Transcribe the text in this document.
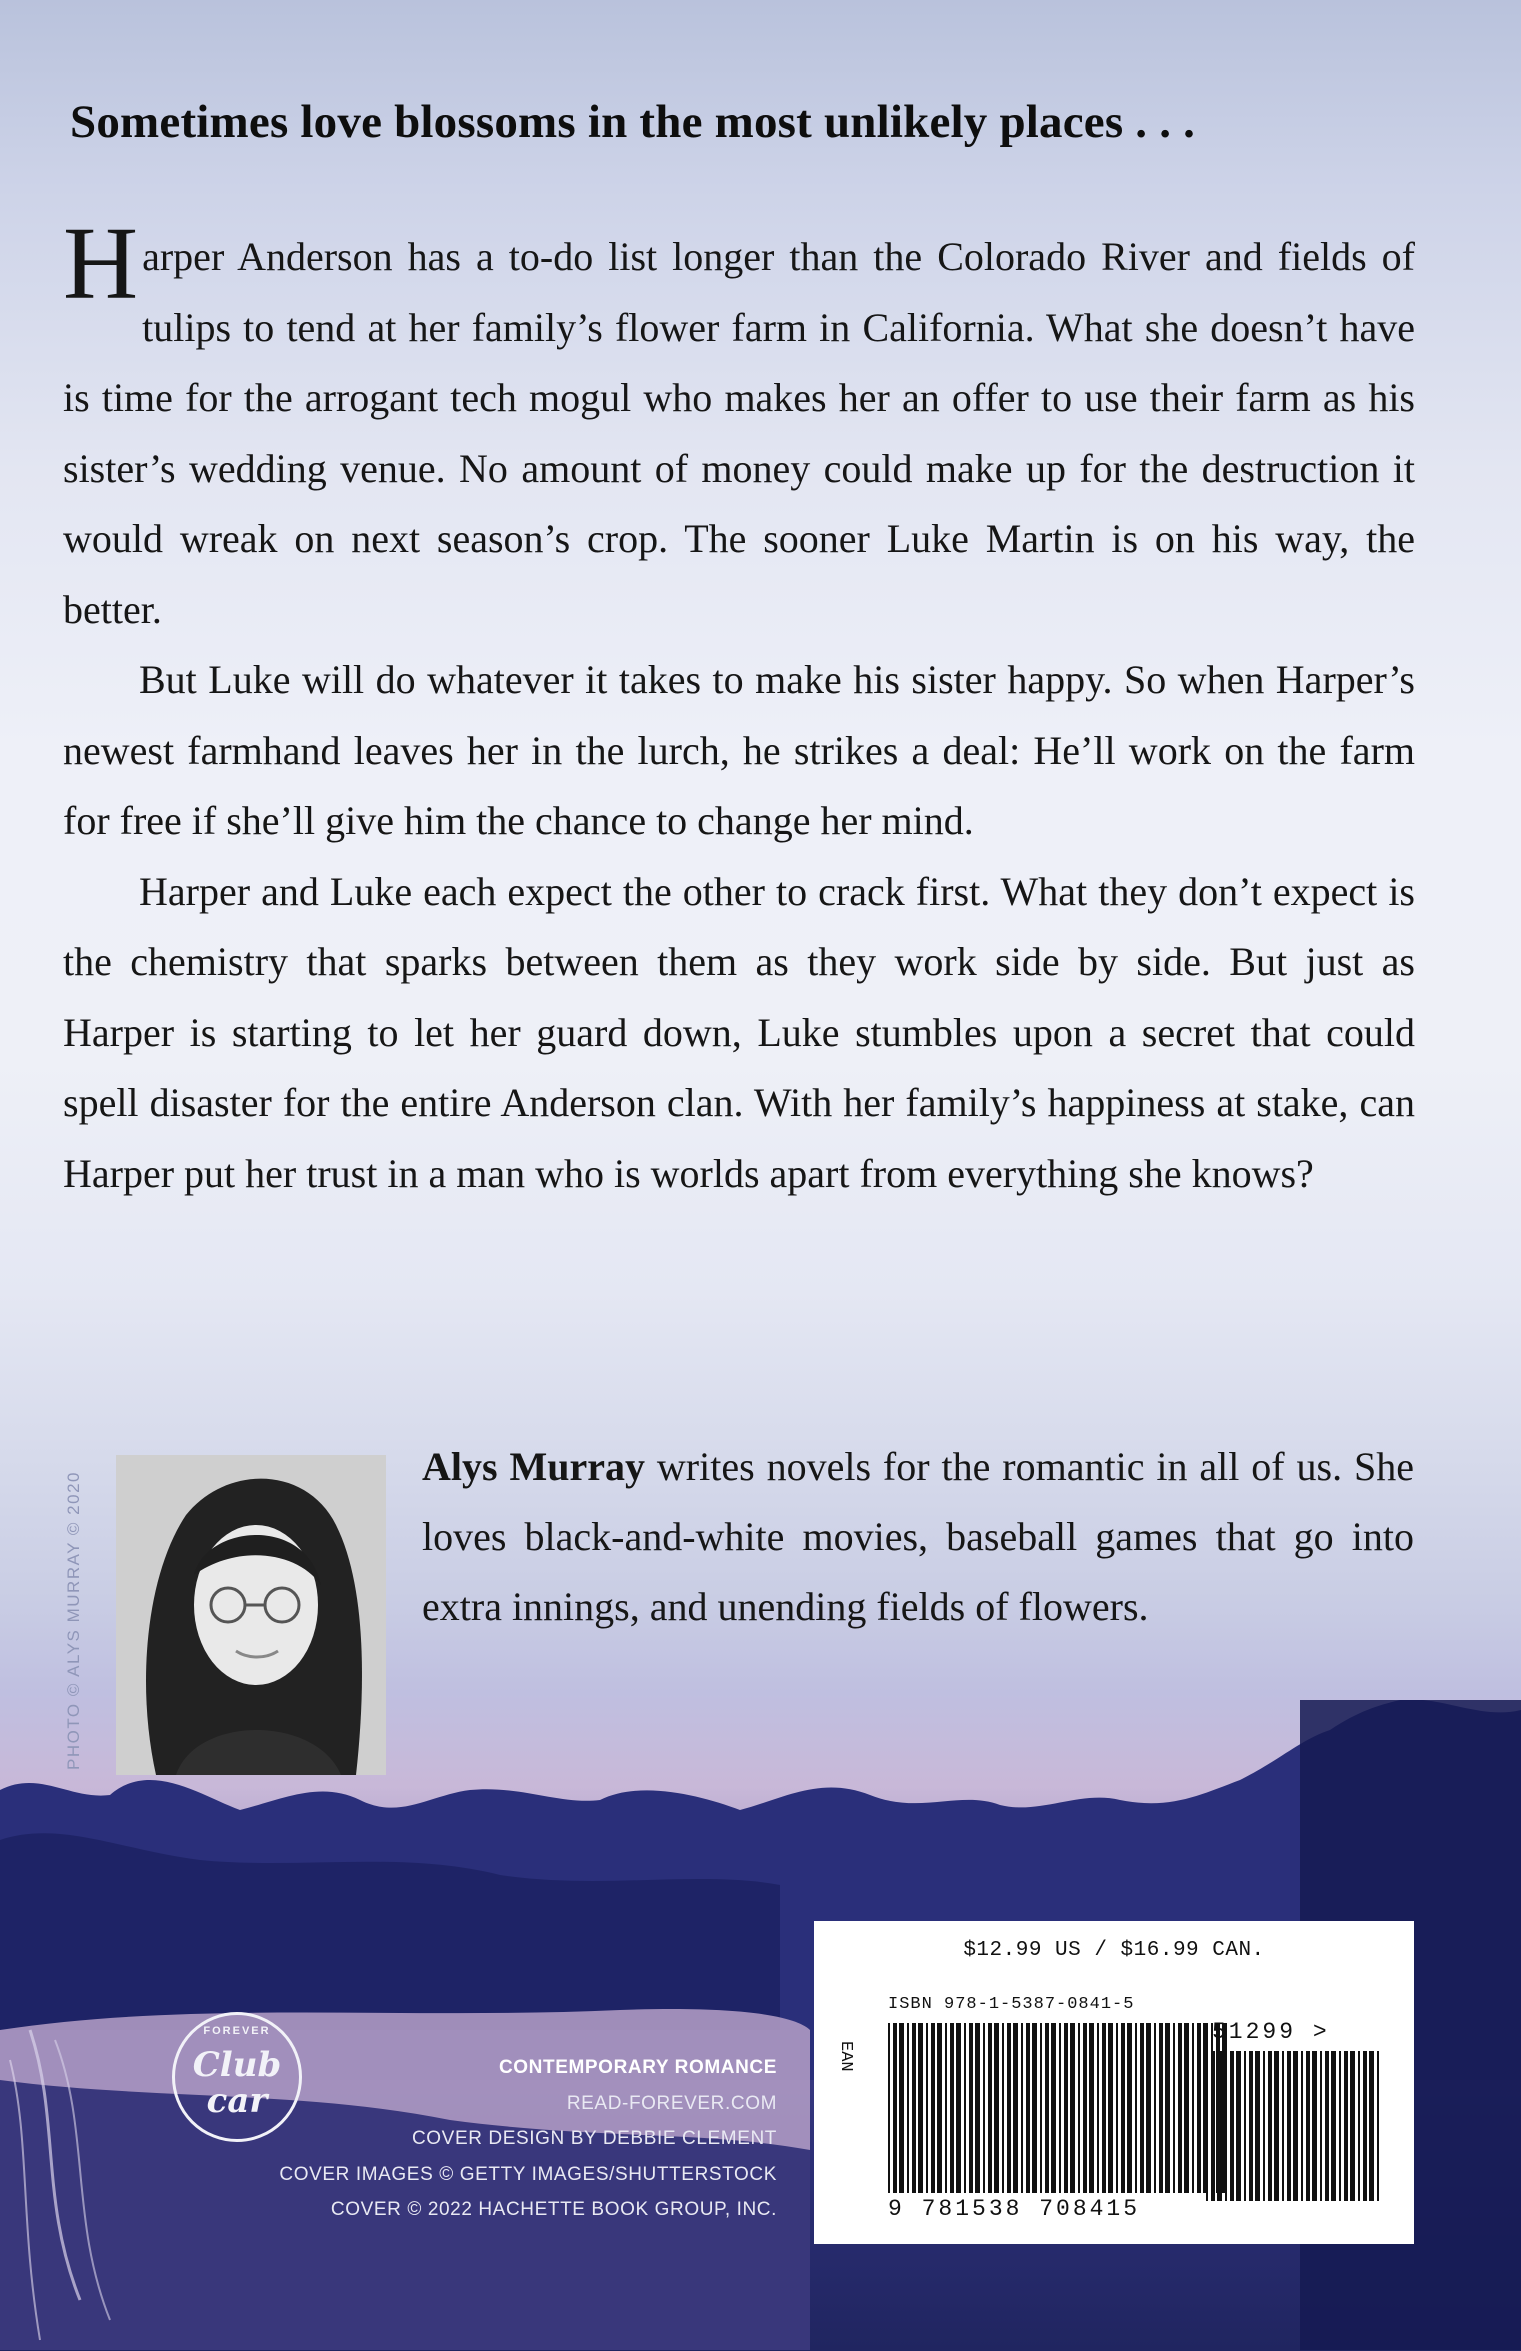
Sometimes love blossoms in the most unlikely places . . .

Harper Anderson has a to-do list longer than the Colorado River and fields of tulips to tend at her family’s flower farm in California. What she doesn’t have is time for the arrogant tech mogul who makes her an offer to use their farm as his sister’s wedding venue. No amount of money could make up for the destruction it would wreak on next season’s crop. The sooner Luke Martin is on his way, the better.

But Luke will do whatever it takes to make his sister happy. So when Harper’s newest farmhand leaves her in the lurch, he strikes a deal: He’ll work on the farm for free if she’ll give him the chance to change her mind.

Harper and Luke each expect the other to crack first. What they don’t expect is the chemistry that sparks between them as they work side by side. But just as Harper is starting to let her guard down, Luke stumbles upon a secret that could spell disaster for the entire Anderson clan. With her family’s happiness at stake, can Harper put her trust in a man who is worlds apart from everything she knows?

PHOTO © ALYS MURRAY © 2020

Alys Murray writes novels for the romantic in all of us. She loves black-and-white movies, baseball games that go into extra innings, and unending fields of flowers.

FOREVER
Club
car
CONTEMPORARY ROMANCE
READ-FOREVER.COM
COVER DESIGN BY DEBBIE CLEMENT
COVER IMAGES © GETTY IMAGES/SHUTTERSTOCK
COVER © 2022 HACHETTE BOOK GROUP, INC.
$12.99 US / $16.99 CAN.
ISBN 978-1-5387-0841-5
EAN
51299 >
9 781538 708415
